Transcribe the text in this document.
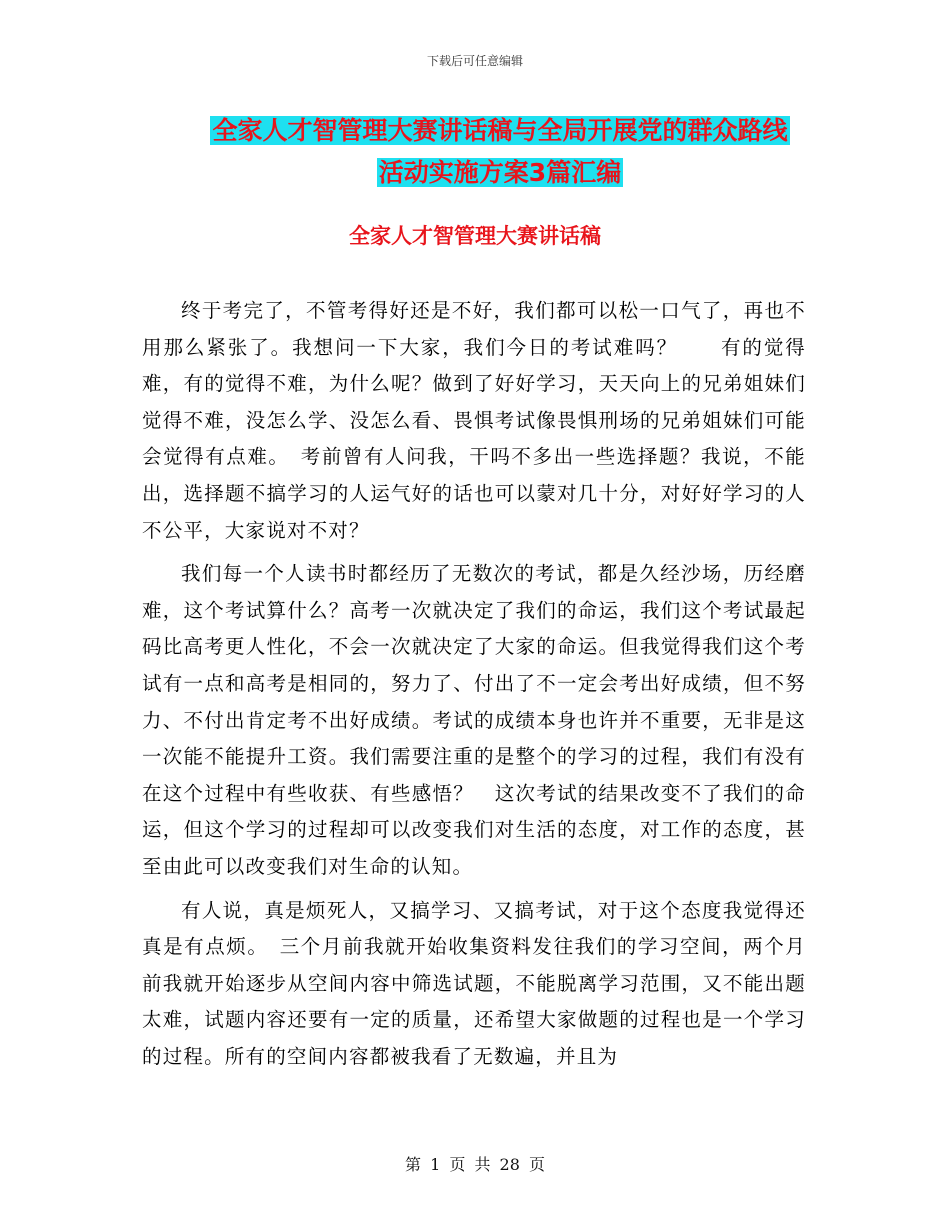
下载后可任意编辑
全家人才智管理大赛讲话稿与全局开展党的群众路线
活动实施方案3篇汇编
全家人才智管理大赛讲话稿

终于考完了，不管考得好还是不好，我们都可以松一口气了，再也不用那么紧张了。我想问一下大家，我们今日的考试难吗？　　有的觉得难，有的觉得不难，为什么呢？做到了好好学习，天天向上的兄弟姐妹们觉得不难，没怎么学、没怎么看、畏惧考试像畏惧刑场的兄弟姐妹们可能会觉得有点难。　考前曾有人问我，干吗不多出一些选择题？我说，不能出，选择题不搞学习的人运气好的话也可以蒙对几十分，对好好学习的人不公平，大家说对不对？

我们每一个人读书时都经历了无数次的考试，都是久经沙场，历经磨难，这个考试算什么？高考一次就决定了我们的命运，我们这个考试最起码比高考更人性化，不会一次就决定了大家的命运。但我觉得我们这个考试有一点和高考是相同的，努力了、付出了不一定会考出好成绩，但不努力、不付出肯定考不出好成绩。考试的成绩本身也许并不重要，无非是这一次能不能提升工资。我们需要注重的是整个的学习的过程，我们有没有在这个过程中有些收获、有些感悟？　这次考试的结果改变不了我们的命运，但这个学习的过程却可以改变我们对生活的态度，对工作的态度，甚至由此可以改变我们对生命的认知。

有人说，真是烦死人，又搞学习、又搞考试，对于这个态度我觉得还真是有点烦。　三个月前我就开始收集资料发往我们的学习空间，两个月前我就开始逐步从空间内容中筛选试题，不能脱离学习范围，又不能出题太难，试题内容还要有一定的质量，还希望大家做题的过程也是一个学习的过程。所有的空间内容都被我看了无数遍，并且为

第 1 页 共 28 页
